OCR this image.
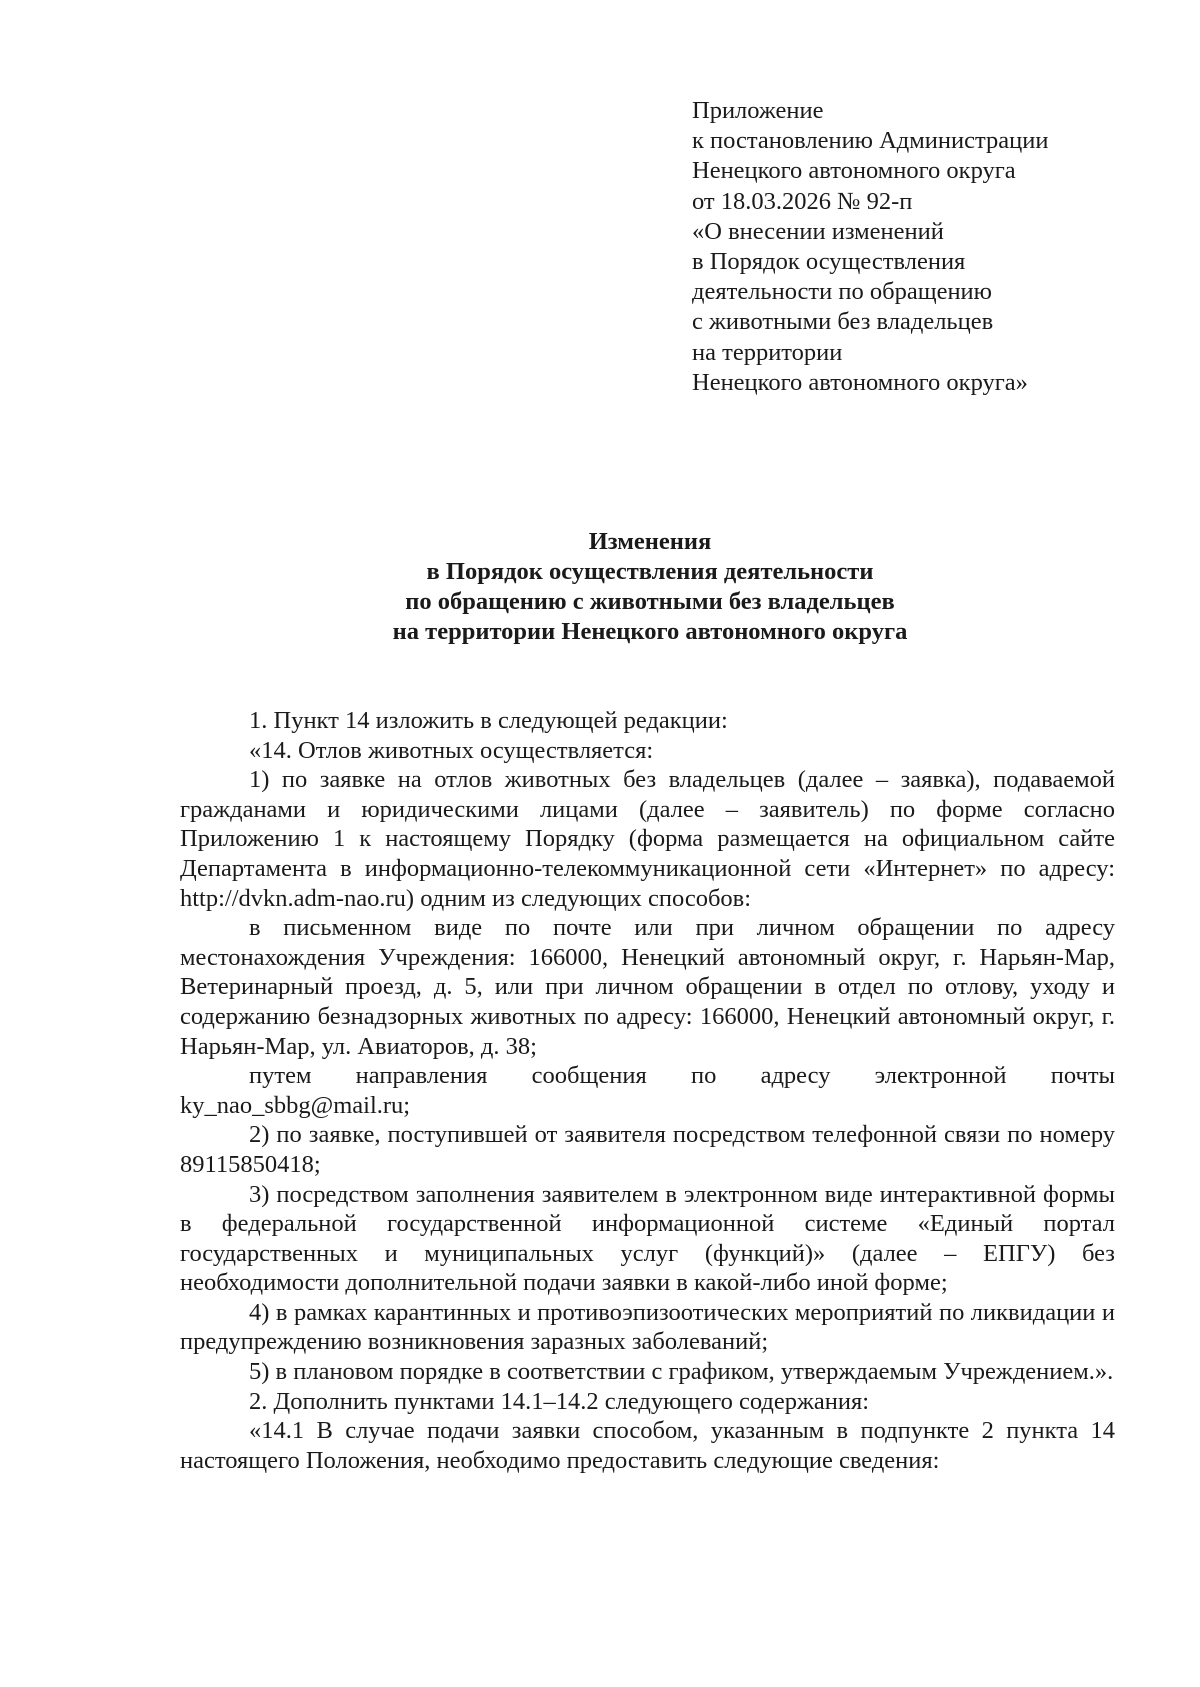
Приложение
к постановлению Администрации
Ненецкого автономного округа
от 18.03.2026 № 92-п
«О внесении изменений
в Порядок осуществления
деятельности по обращению
с животными без владельцев
на территории
Ненецкого автономного округа»
Изменения
в Порядок осуществления деятельности
по обращению с животными без владельцев
на территории Ненецкого автономного округа

1. Пункт 14 изложить в следующей редакции:

«14. Отлов животных осуществляется:

1) по заявке на отлов животных без владельцев (далее – заявка), подаваемой гражданами и юридическими лицами (далее – заявитель) по форме согласно Приложению 1 к настоящему Порядку (форма размещается на официальном сайте Департамента в информационно-телекоммуникационной сети «Интернет» по адресу: http://dvkn.adm-nao.ru) одним из следующих способов:

в письменном виде по почте или при личном обращении по адресу местонахождения Учреждения: 166000, Ненецкий автономный округ, г. Нарьян-Мар, Ветеринарный проезд, д. 5, или при личном обращении в отдел по отлову, уходу и содержанию безнадзорных животных по адресу: 166000, Ненецкий автономный округ, г. Нарьян-Мар, ул. Авиаторов, д. 38;

путем направления сообщения по адресу электронной почты ky_nao_sbbg@mail.ru;

2) по заявке, поступившей от заявителя посредством телефонной связи по номеру 89115850418;

3) посредством заполнения заявителем в электронном виде интерактивной формы в федеральной государственной информационной системе «Единый портал государственных и муниципальных услуг (функций)» (далее – ЕПГУ) без необходимости дополнительной подачи заявки в какой-либо иной форме;

4) в рамках карантинных и противоэпизоотических мероприятий по ликвидации и предупреждению возникновения заразных заболеваний;

5) в плановом порядке в соответствии с графиком, утверждаемым Учреждением.».

2. Дополнить пунктами 14.1–14.2 следующего содержания:

«14.1 В случае подачи заявки способом, указанным в подпункте 2 пункта 14 настоящего Положения, необходимо предоставить следующие сведения:
